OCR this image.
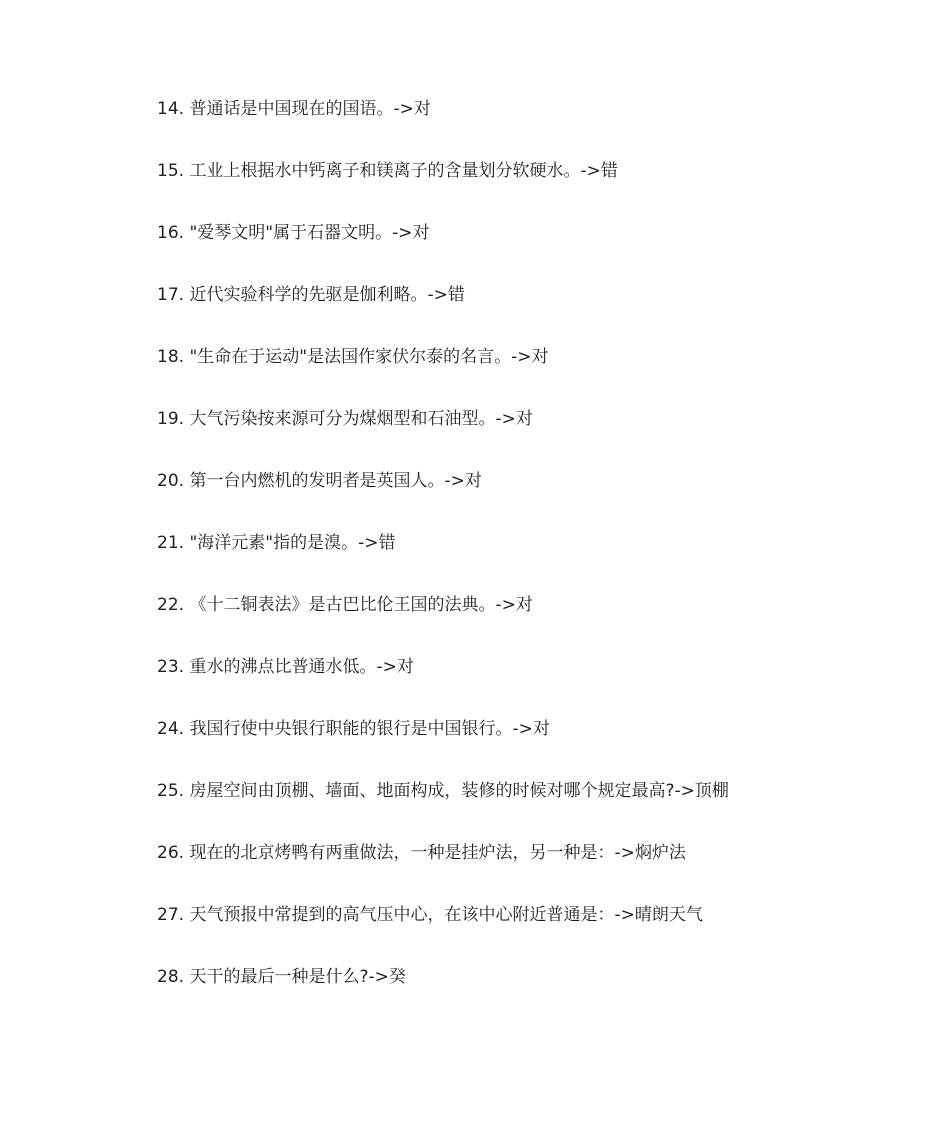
14. 普通话是中国现在的国语。->对
15. 工业上根据水中钙离子和镁离子的含量划分软硬水。->错
16. "爱琴文明"属于石器文明。->对
17. 近代实验科学的先驱是伽利略。->错
18. "生命在于运动"是法国作家伏尔泰的名言。->对
19. 大气污染按来源可分为煤烟型和石油型。->对
20. 第一台内燃机的发明者是英国人。->对
21. "海洋元素"指的是溴。->错
22. 《十二铜表法》是古巴比伦王国的法典。->对
23. 重水的沸点比普通水低。->对
24. 我国行使中央银行职能的银行是中国银行。->对
25. 房屋空间由顶棚、墙面、地面构成，装修的时候对哪个规定最高?->顶棚
26. 现在的北京烤鸭有两重做法，一种是挂炉法，另一种是：->焖炉法
27. 天气预报中常提到的高气压中心，在该中心附近普通是：->晴朗天气
28. 天干的最后一种是什么?->癸
